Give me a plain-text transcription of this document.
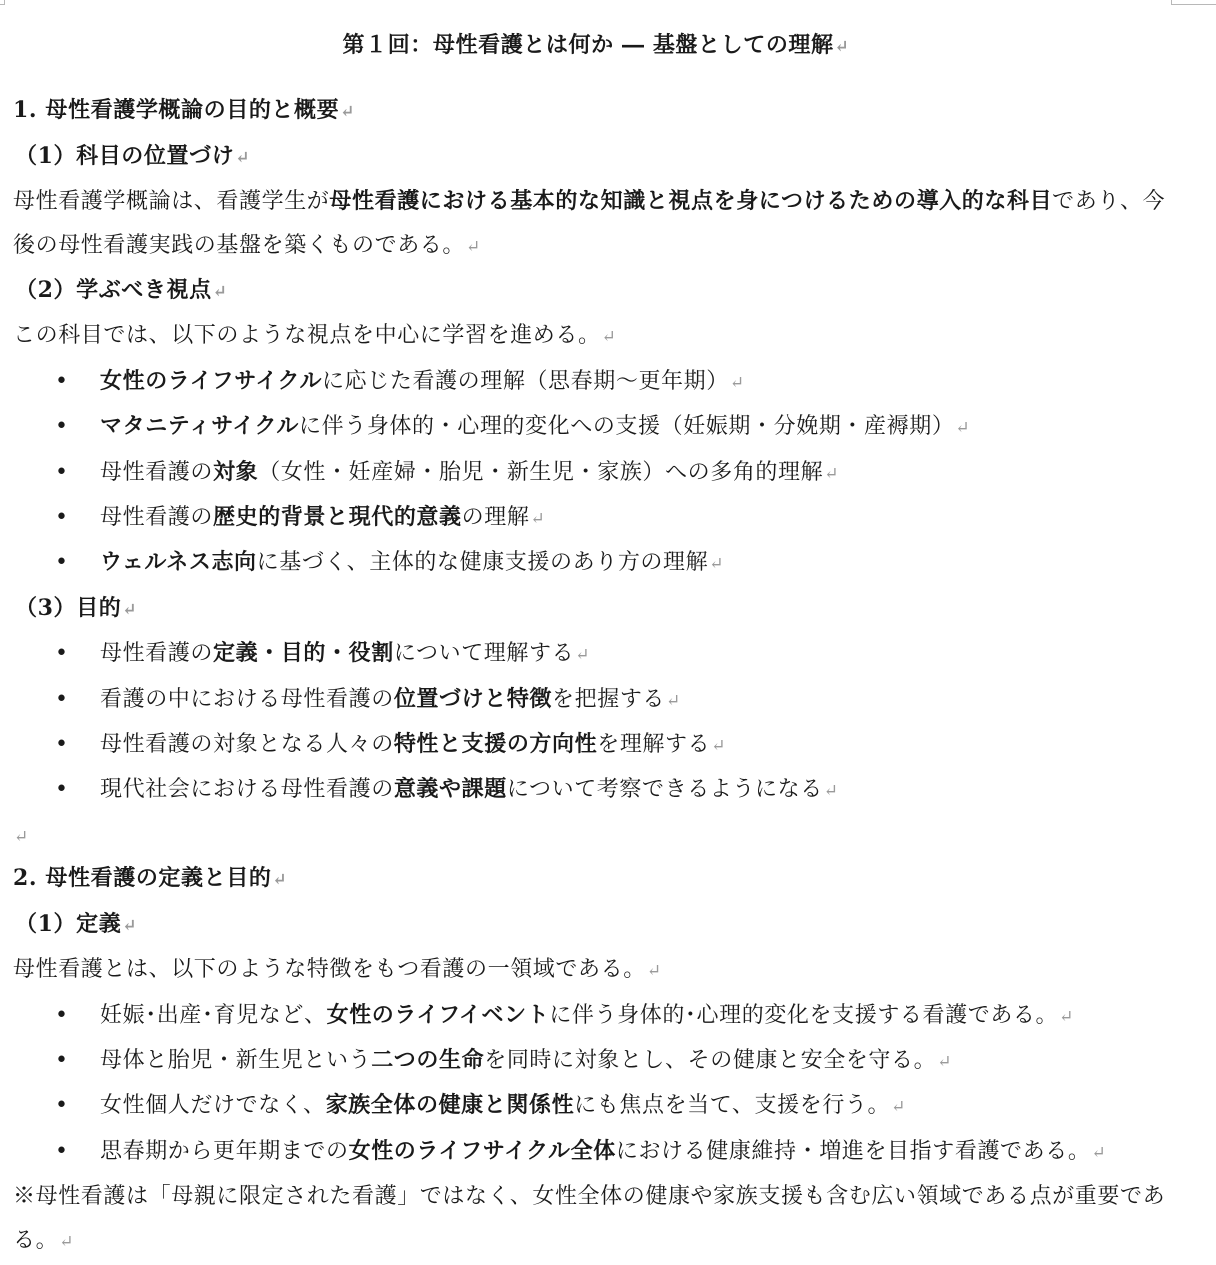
第１回：母性看護とは何か ― 基盤としての理解↵
1. 母性看護学概論の目的と概要↵
（1）科目の位置づけ↵
母性看護学概論は、看護学生が母性看護における基本的な知識と視点を身につけるための導入的な科目であり、今後の母性看護実践の基盤を築くものである。↵
（2）学ぶべき視点↵
この科目では、以下のような視点を中心に学習を進める。↵
• 女性のライフサイクルに応じた看護の理解（思春期〜更年期）↵
• マタニティサイクルに伴う身体的・心理的変化への支援（妊娠期・分娩期・産褥期）↵
• 母性看護の対象（女性・妊産婦・胎児・新生児・家族）への多角的理解↵
• 母性看護の歴史的背景と現代的意義の理解↵
• ウェルネス志向に基づく、主体的な健康支援のあり方の理解↵
（3）目的↵
• 母性看護の定義・目的・役割について理解する↵
• 看護の中における母性看護の位置づけと特徴を把握する↵
• 母性看護の対象となる人々の特性と支援の方向性を理解する↵
• 現代社会における母性看護の意義や課題について考察できるようになる↵
↵
2. 母性看護の定義と目的↵
（1）定義↵
母性看護とは、以下のような特徴をもつ看護の一領域である。↵
• 妊娠･出産･育児など、女性のライフイベントに伴う身体的･心理的変化を支援する看護である。↵
• 母体と胎児・新生児という二つの生命を同時に対象とし、その健康と安全を守る。↵
• 女性個人だけでなく、家族全体の健康と関係性にも焦点を当て、支援を行う。↵
• 思春期から更年期までの女性のライフサイクル全体における健康維持・増進を目指す看護である。↵
※母性看護は「母親に限定された看護」ではなく、女性全体の健康や家族支援も含む広い領域である点が重要である。↵
